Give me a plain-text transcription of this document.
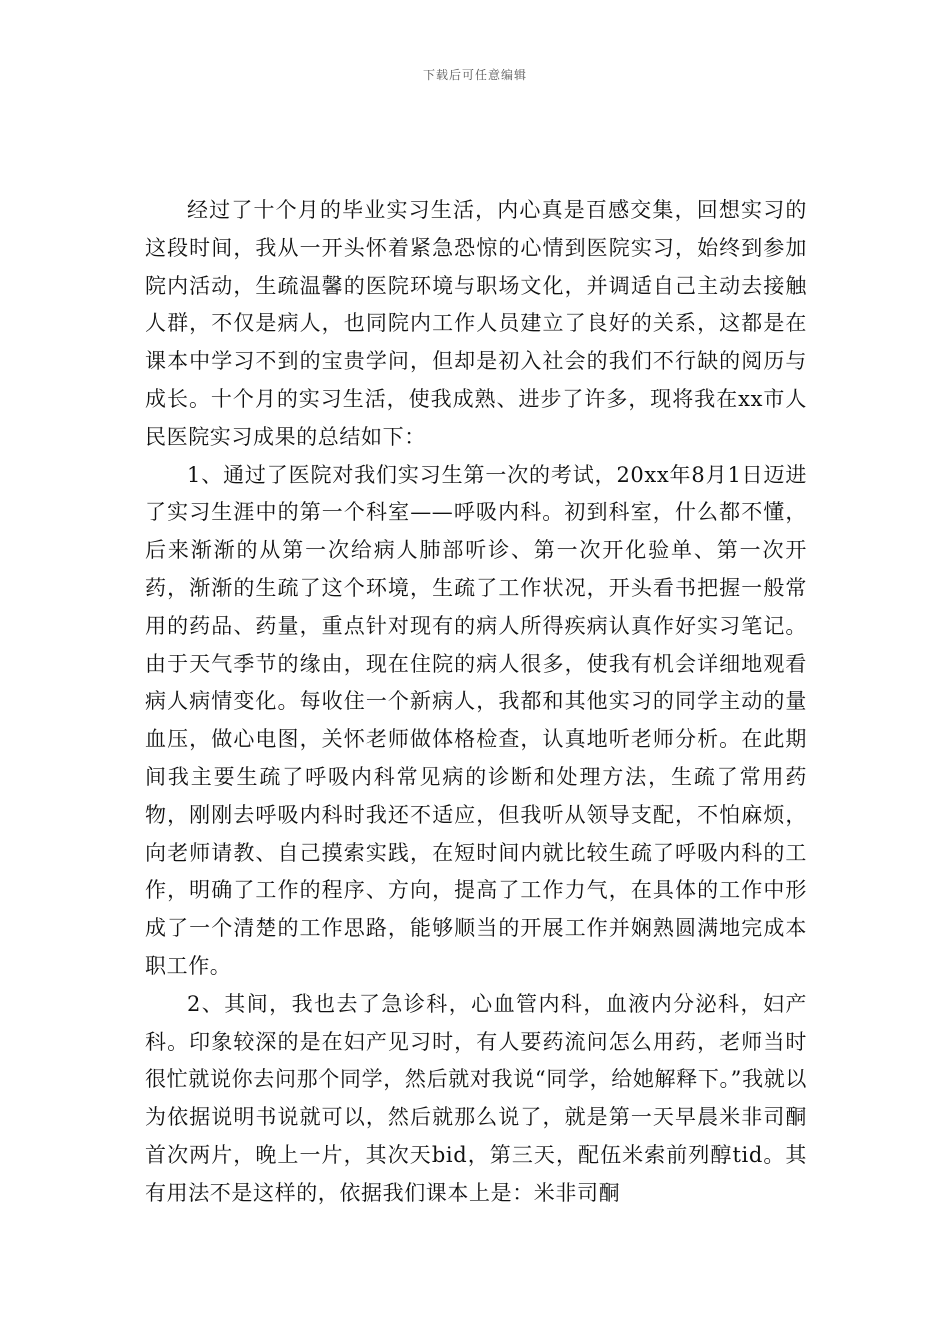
下载后可任意编辑

经过了十个月的毕业实习生活，内心真是百感交集，回想实习的这段时间，我从一开头怀着紧急恐惊的心情到医院实习，始终到参加院内活动，生疏温馨的医院环境与职场文化，并调适自己主动去接触人群，不仅是病人，也同院内工作人员建立了良好的关系，这都是在课本中学习不到的宝贵学问，但却是初入社会的我们不行缺的阅历与成长。十个月的实习生活，使我成熟、进步了许多，现将我在xx市人民医院实习成果的总结如下：

1、通过了医院对我们实习生第一次的考试，20xx年8月1日迈进了实习生涯中的第一个科室——呼吸内科。初到科室，什么都不懂，后来渐渐的从第一次给病人肺部听诊、第一次开化验单、第一次开药，渐渐的生疏了这个环境，生疏了工作状况，开头看书把握一般常用的药品、药量，重点针对现有的病人所得疾病认真作好实习笔记。由于天气季节的缘由，现在住院的病人很多，使我有机会详细地观看病人病情变化。每收住一个新病人，我都和其他实习的同学主动的量血压，做心电图，关怀老师做体格检查，认真地听老师分析。在此期间我主要生疏了呼吸内科常见病的诊断和处理方法，生疏了常用药物，刚刚去呼吸内科时我还不适应，但我听从领导支配，不怕麻烦，向老师请教、自己摸索实践，在短时间内就比较生疏了呼吸内科的工作，明确了工作的程序、方向，提高了工作力气，在具体的工作中形成了一个清楚的工作思路，能够顺当的开展工作并娴熟圆满地完成本职工作。

2、其间，我也去了急诊科，心血管内科，血液内分泌科，妇产科。印象较深的是在妇产见习时，有人要药流问怎么用药，老师当时很忙就说你去问那个同学，然后就对我说“同学，给她解释下。”我就以为依据说明书说就可以，然后就那么说了，就是第一天早晨米非司酮首次两片，晚上一片，其次天bid，第三天，配伍米索前列醇tid。其有用法不是这样的，依据我们课本上是：米非司酮
